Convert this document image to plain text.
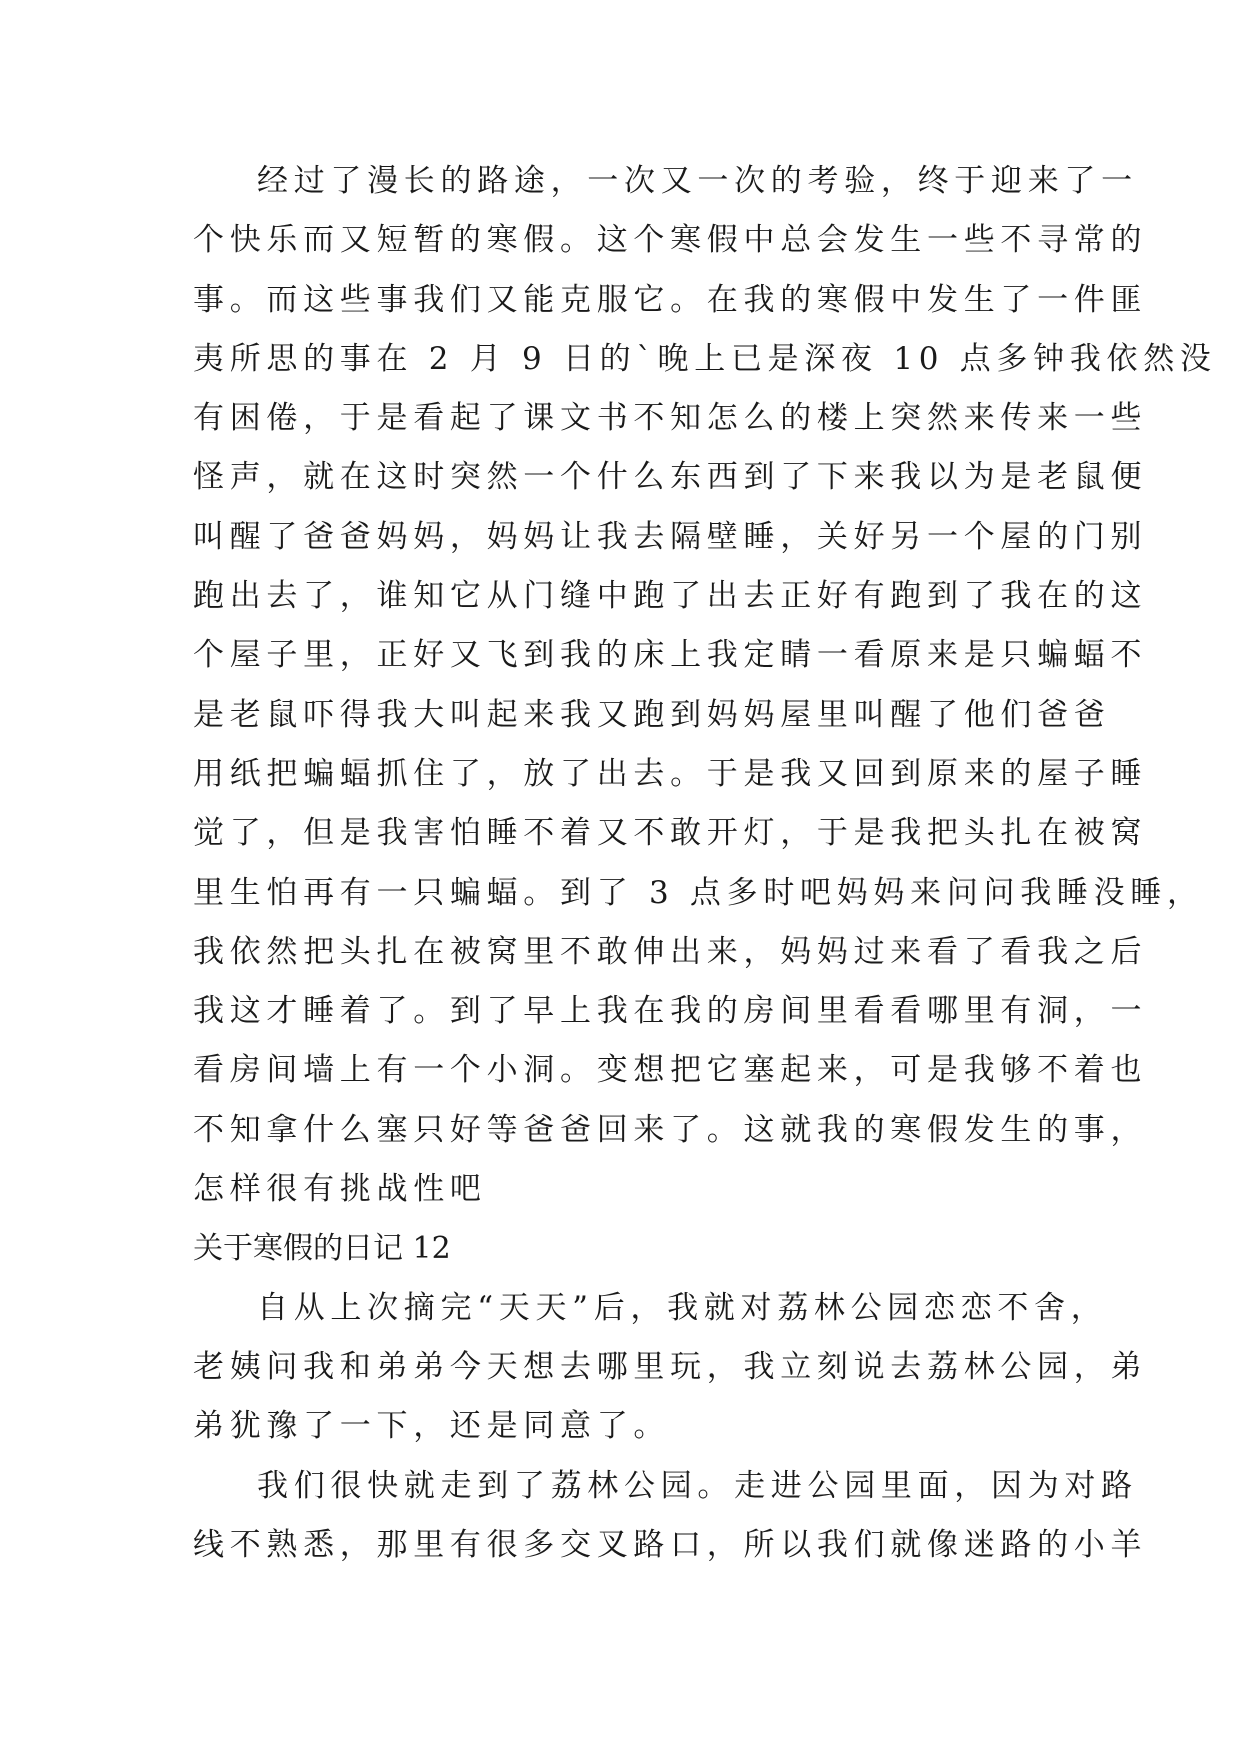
经过了漫长的路途，一次又一次的考验，终于迎来了一
个快乐而又短暂的寒假。这个寒假中总会发生一些不寻常的
事。而这些事我们又能克服它。在我的寒假中发生了一件匪
夷所思的事在 2 月 9 日的`晚上已是深夜 10 点多钟我依然没
有困倦，于是看起了课文书不知怎么的楼上突然来传来一些
怪声，就在这时突然一个什么东西到了下来我以为是老鼠便
叫醒了爸爸妈妈，妈妈让我去隔壁睡，关好另一个屋的门别
跑出去了，谁知它从门缝中跑了出去正好有跑到了我在的这
个屋子里，正好又飞到我的床上我定睛一看原来是只蝙蝠不
是老鼠吓得我大叫起来我又跑到妈妈屋里叫醒了他们爸爸
用纸把蝙蝠抓住了，放了出去。于是我又回到原来的屋子睡
觉了，但是我害怕睡不着又不敢开灯，于是我把头扎在被窝
里生怕再有一只蝙蝠。到了 3 点多时吧妈妈来问问我睡没睡，
我依然把头扎在被窝里不敢伸出来，妈妈过来看了看我之后
我这才睡着了。到了早上我在我的房间里看看哪里有洞，一
看房间墙上有一个小洞。变想把它塞起来，可是我够不着也
不知拿什么塞只好等爸爸回来了。这就我的寒假发生的事，
怎样很有挑战性吧
关于寒假的日记 12
自从上次摘完“天天”后，我就对荔林公园恋恋不舍，
老姨问我和弟弟今天想去哪里玩，我立刻说去荔林公园，弟
弟犹豫了一下，还是同意了。
我们很快就走到了荔林公园。走进公园里面，因为对路
线不熟悉，那里有很多交叉路口，所以我们就像迷路的小羊
